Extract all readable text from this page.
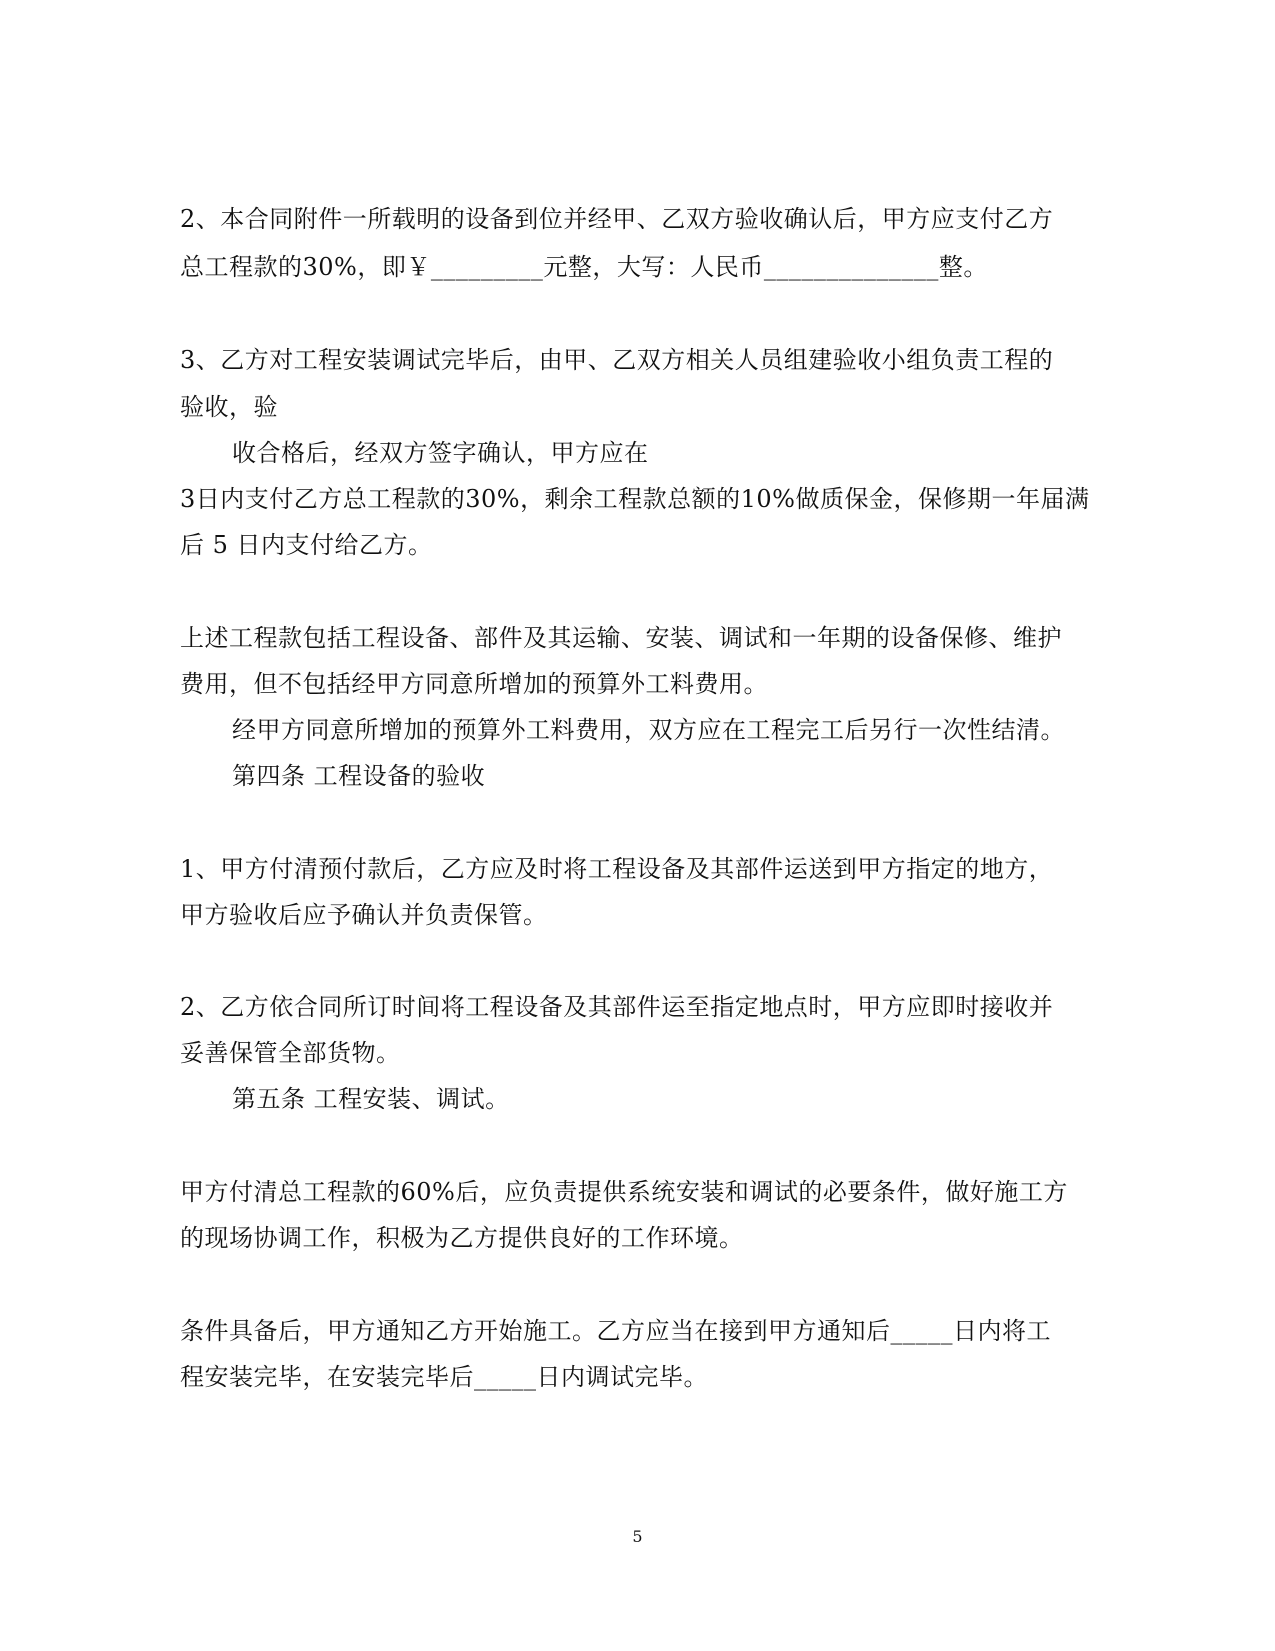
2、本合同附件一所载明的设备到位并经甲、乙双方验收确认后，甲方应支付乙方
总工程款的30%，即￥_________元整，大写：人民币______________整。
3、乙方对工程安装调试完毕后，由甲、乙双方相关人员组建验收小组负责工程的
验收，验
收合格后，经双方签字确认，甲方应在
3日内支付乙方总工程款的30%，剩余工程款总额的10%做质保金，保修期一年届满
后 5 日内支付给乙方。
上述工程款包括工程设备、部件及其运输、安装、调试和一年期的设备保修、维护
费用，但不包括经甲方同意所增加的预算外工料费用。
经甲方同意所增加的预算外工料费用，双方应在工程完工后另行一次性结清。
第四条 工程设备的验收
1、甲方付清预付款后，乙方应及时将工程设备及其部件运送到甲方指定的地方，
甲方验收后应予确认并负责保管。
2、乙方依合同所订时间将工程设备及其部件运至指定地点时，甲方应即时接收并
妥善保管全部货物。
第五条 工程安装、调试。
甲方付清总工程款的60%后，应负责提供系统安装和调试的必要条件，做好施工方
的现场协调工作，积极为乙方提供良好的工作环境。
条件具备后，甲方通知乙方开始施工。乙方应当在接到甲方通知后_____日内将工
程安装完毕，在安装完毕后_____日内调试完毕。
5
